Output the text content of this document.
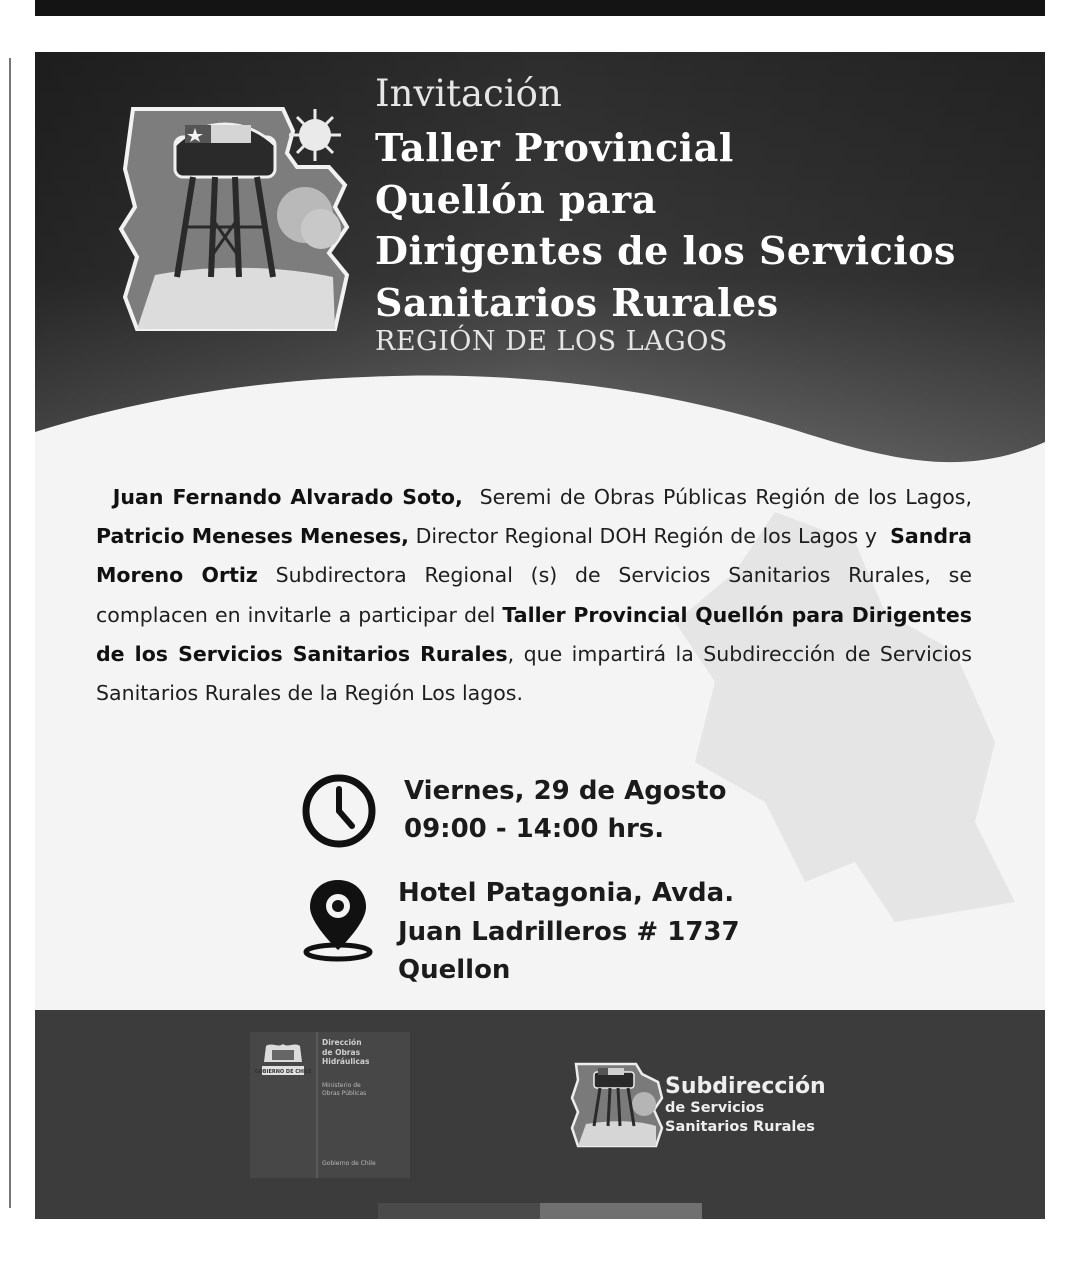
Invitación
Taller Provincial
Quellón para
Dirigentes de los Servicios
Sanitarios Rurales
REGIÓN DE LOS LAGOS
Juan Fernando Alvarado Soto, Seremi de Obras Públicas Región de los Lagos, Patricio Meneses Meneses, Director Regional DOH Región de los Lagos y Sandra Moreno Ortiz Subdirectora Regional (s) de Servicios Sanitarios Rurales, se complacen en invitarle a participar del Taller Provincial Quellón para Dirigentes de los Servicios Sanitarios Rurales, que impartirá la Subdirección de Servicios Sanitarios Rurales de la Región Los lagos.
Viernes, 29 de Agosto
09:00 - 14:00 hrs.
Hotel Patagonia, Avda.
Juan Ladrilleros # 1737
Quellon
GOBIERNO DE CHILE
Dirección
de Obras
Hidráulicas
Ministerio de
Obras Públicas
Gobierno de Chile
Subdirección
de Servicios
Sanitarios Rurales
